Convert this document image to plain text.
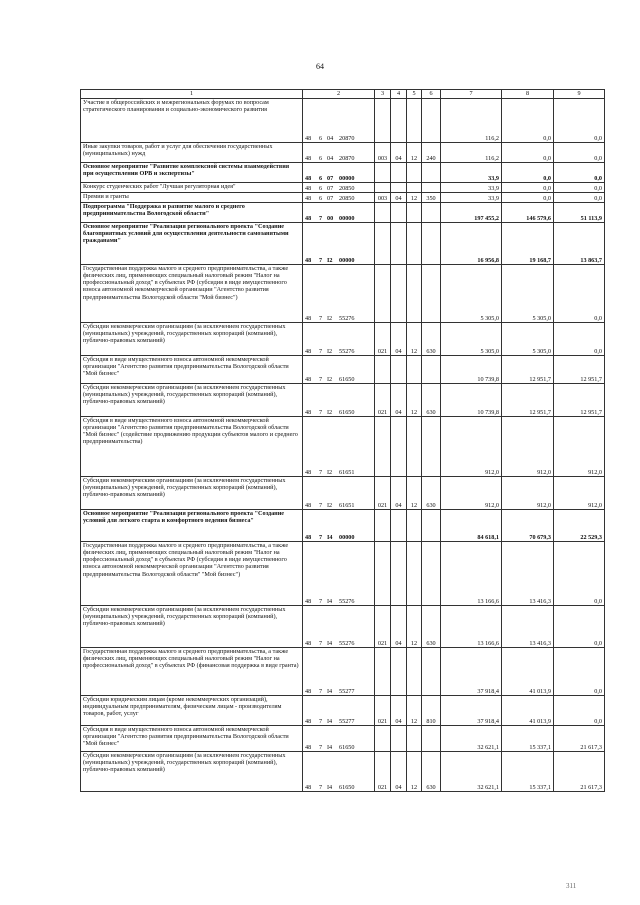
64
1	2	3	4	5	6	7	8	9
Участие в общероссийских и межрегиональных форумах по вопросам стратегического планирования и социально-экономического развития	48 6 04 20870					116,2	0,0	0,0
Иные закупки товаров, работ и услуг для обеспечения государственных (муниципальных) нужд	48 6 04 20870	003	04	12	240	116,2	0,0	0,0
Основное мероприятие "Развитие комплексной системы взаимодействия при осуществлении ОРВ и экспертизы"	48 6 07 00000					33,9	0,0	0,0
Конкурс студенческих работ "Лучшая регуляторная идея"	48 6 07 20850					33,9	0,0	0,0
Премии и гранты	48 6 07 20850	003	04	12	350	33,9	0,0	0,0
Подпрограмма "Поддержка и развитие малого и среднего предпринимательства Вологодской области"	48 7 00 00000					197 455,2	146 579,6	51 113,9
Основное мероприятие "Реализация регионального проекта "Создание благоприятных условий для осуществления деятельности самозанятыми гражданами"	48 7 I2 00000					16 956,8	19 168,7	13 863,7
Государственная поддержка малого и среднего предпринимательства, а также физических лиц, применяющих специальный налоговый режим "Налог на профессиональный доход" в субъектах РФ (субсидия в виде имущественного взноса автономной некоммерческой организации "Агентство развития предпринимательства Вологодской области "Мой бизнес")	48 7 I2 55276					5 305,0	5 305,0	0,0
Субсидии некоммерческим организациям (за исключением государственных (муниципальных) учреждений, государственных корпораций (компаний), публично-правовых компаний)	48 7 I2 55276	021	04	12	630	5 305,0	5 305,0	0,0
Субсидия в виде имущественного взноса автономной некоммерческой организации "Агентство развития предпринимательства Вологодской области "Мой бизнес"	48 7 I2 61650					10 739,8	12 951,7	12 951,7
Субсидии некоммерческим организациям (за исключением государственных (муниципальных) учреждений, государственных корпораций (компаний), публично-правовых компаний)	48 7 I2 61650	021	04	12	630	10 739,8	12 951,7	12 951,7
Субсидия в виде имущественного взноса автономной некоммерческой организации "Агентство развития предпринимательства Вологодской области "Мой бизнес" (содействие продвижению продукции субъектов малого и среднего предпринимательства)	48 7 I2 61651					912,0	912,0	912,0
Субсидии некоммерческим организациям (за исключением государственных (муниципальных) учреждений, государственных корпораций (компаний), публично-правовых компаний)	48 7 I2 61651	021	04	12	630	912,0	912,0	912,0
Основное мероприятие "Реализация регионального проекта "Создание условий для легкого старта и комфортного ведения бизнеса"	48 7 I4 00000					84 618,1	70 679,3	22 529,3
Государственная поддержка малого и среднего предпринимательства, а также физических лиц, применяющих специальный налоговый режим "Налог на профессиональный доход" в субъектах РФ (субсидия в виде имущественного взноса автономной некоммерческой организации "Агентство развития предпринимательства Вологодской области" "Мой бизнес")	48 7 I4 55276					13 166,6	13 416,3	0,0
Субсидии некоммерческим организациям (за исключением государственных (муниципальных) учреждений, государственных корпораций (компаний), публично-правовых компаний)	48 7 I4 55276	021	04	12	630	13 166,6	13 416,3	0,0
Государственная поддержка малого и среднего предпринимательства, а также физических лиц, применяющих специальный налоговый режим "Налог на профессиональный доход" в субъектах РФ (финансовая поддержка в виде гранта)	48 7 I4 55277					37 918,4	41 013,9	0,0
Субсидии юридическим лицам (кроме некоммерческих организаций), индивидуальным предпринимателям, физическим лицам - производителям товаров, работ, услуг	48 7 I4 55277	021	04	12	810	37 918,4	41 013,9	0,0
Субсидия в виде имущественного взноса автономной некоммерческой организации "Агентство развития предпринимательства Вологодской области "Мой бизнес"	48 7 I4 61650					32 621,1	15 337,1	21 617,3
Субсидии некоммерческим организациям (за исключением государственных (муниципальных) учреждений, государственных корпораций (компаний), публично-правовых компаний)	48 7 I4 61650	021	04	12	630	32 621,1	15 337,1	21 617,3
311
